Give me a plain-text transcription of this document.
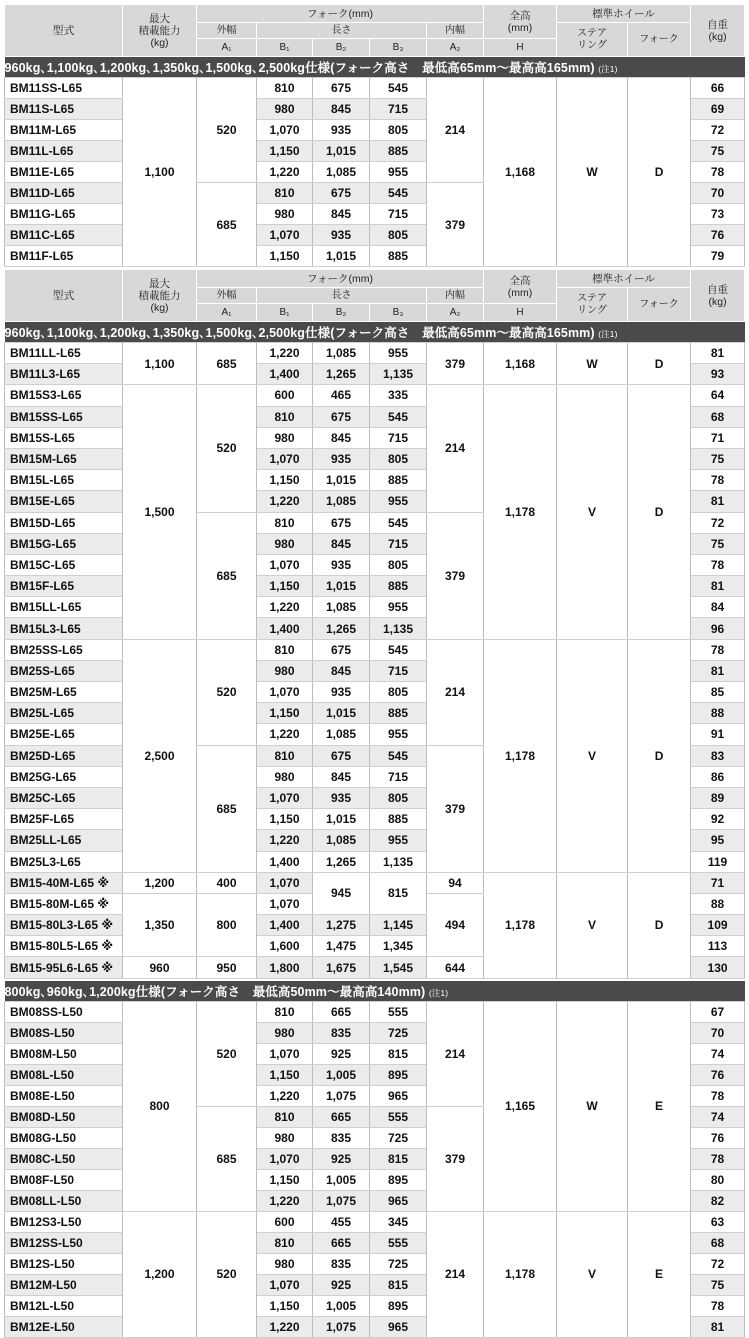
型式	最大
積載能力
(kg)	フォーク(mm)					全高
(mm)	標準ホイール		自重
(kg)
		外幅	長さ			内幅		ステア
リング	フォーク	
		A₁	B₁	B₂	B₃	A₂	H			
960kg､1,100kg､1,200kg､1,350kg､1,500kg､2,500kg仕様(フォーク高さ　最低高65mm～最高高165mm) (注1)										
BM11SS-L65	1,100	520	810	675	545	214	1,168	W	D	66
BM11S-L65			980	845	715					69
BM11M-L65			1,070	935	805					72
BM11L-L65			1,150	1,015	885					75
BM11E-L65			1,220	1,085	955					78
BM11D-L65		685	810	675	545	379				70
BM11G-L65			980	845	715					73
BM11C-L65			1,070	935	805					76
BM11F-L65			1,150	1,015	885					79
型式	最大
積載能力
(kg)	フォーク(mm)					全高
(mm)	標準ホイール		自重
(kg)
		外幅	長さ			内幅		ステア
リング	フォーク	
		A₁	B₁	B₂	B₃	A₂	H			
960kg､1,100kg､1,200kg､1,350kg､1,500kg､2,500kg仕様(フォーク高さ　最低高65mm～最高高165mm) (注1)										
BM11LL-L65	1,100	685	1,220	1,085	955	379	1,168	W	D	81
BM11L3-L65			1,400	1,265	1,135					93
BM15S3-L65	1,500	520	600	465	335	214	1,178	V	D	64
BM15SS-L65			810	675	545					68
BM15S-L65			980	845	715					71
BM15M-L65			1,070	935	805					75
BM15L-L65			1,150	1,015	885					78
BM15E-L65			1,220	1,085	955					81
BM15D-L65		685	810	675	545	379				72
BM15G-L65			980	845	715					75
BM15C-L65			1,070	935	805					78
BM15F-L65			1,150	1,015	885					81
BM15LL-L65			1,220	1,085	955					84
BM15L3-L65			1,400	1,265	1,135					96
BM25SS-L65	2,500	520	810	675	545	214	1,178	V	D	78
BM25S-L65			980	845	715					81
BM25M-L65			1,070	935	805					85
BM25L-L65			1,150	1,015	885					88
BM25E-L65			1,220	1,085	955					91
BM25D-L65		685	810	675	545	379				83
BM25G-L65			980	845	715					86
BM25C-L65			1,070	935	805					89
BM25F-L65			1,150	1,015	885					92
BM25LL-L65			1,220	1,085	955					95
BM25L3-L65			1,400	1,265	1,135					119
BM15-40M-L65 ※	1,200	400	1,070	945	815	94	1,178	V	D	71
BM15-80M-L65 ※	1,350	800	1,070			494				88
BM15-80L3-L65 ※			1,400	1,275	1,145					109
BM15-80L5-L65 ※			1,600	1,475	1,345					113
BM15-95L6-L65 ※	960	950	1,800	1,675	1,545	644				130
800kg､960kg､1,200kg仕様(フォーク高さ　最低高50mm～最高高140mm) (注1)										
BM08SS-L50	800	520	810	665	555	214	1,165	W	E	67
BM08S-L50			980	835	725					70
BM08M-L50			1,070	925	815					74
BM08L-L50			1,150	1,005	895					76
BM08E-L50			1,220	1,075	965					78
BM08D-L50		685	810	665	555	379				74
BM08G-L50			980	835	725					76
BM08C-L50			1,070	925	815					78
BM08F-L50			1,150	1,005	895					80
BM08LL-L50			1,220	1,075	965					82
BM12S3-L50	1,200	520	600	455	345	214	1,178	V	E	63
BM12SS-L50			810	665	555					68
BM12S-L50			980	835	725					72
BM12M-L50			1,070	925	815					75
BM12L-L50			1,150	1,005	895					78
BM12E-L50			1,220	1,075	965					81
